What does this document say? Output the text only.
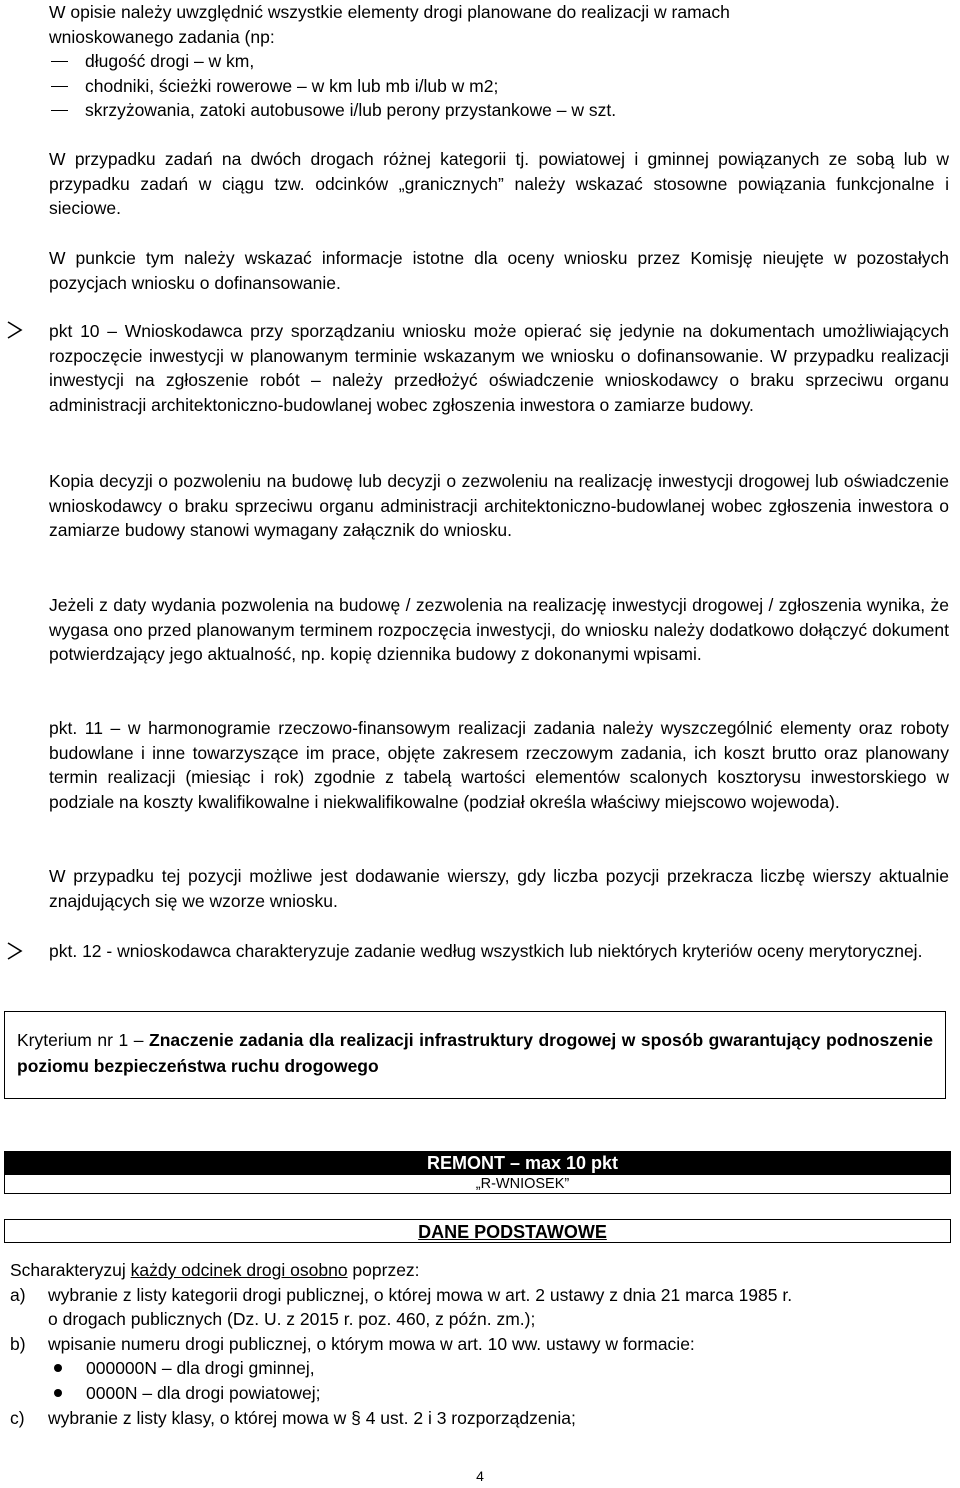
W opisie należy uwzględnić wszystkie elementy drogi planowane do realizacji w ramach

wnioskowanego zadania (np:

długość drogi – w km,

chodniki, ścieżki rowerowe – w km lub mb i/lub w m2;

skrzyżowania, zatoki autobusowe i/lub perony przystankowe – w szt.

W przypadku zadań na dwóch drogach różnej kategorii tj. powiatowej i gminnej powiązanych ze sobą lub w przypadku zadań w ciągu tzw. odcinków „granicznych” należy wskazać stosowne powiązania funkcjonalne i sieciowe.

W punkcie tym należy wskazać informacje istotne dla oceny wniosku przez Komisję nieujęte w pozostałych pozycjach wniosku o dofinansowanie.

pkt 10 – Wnioskodawca przy sporządzaniu wniosku może opierać się jedynie na dokumentach umożliwiających rozpoczęcie inwestycji w planowanym terminie wskazanym we wniosku o dofinansowanie. W przypadku realizacji inwestycji na zgłoszenie robót – należy przedłożyć oświadczenie wnioskodawcy o braku sprzeciwu organu administracji architektoniczno-budowlanej wobec zgłoszenia inwestora o zamiarze budowy.

Kopia decyzji o pozwoleniu na budowę lub decyzji o zezwoleniu na realizację inwestycji drogowej lub oświadczenie wnioskodawcy o braku sprzeciwu organu administracji architektoniczno-budowlanej wobec zgłoszenia inwestora o zamiarze budowy stanowi wymagany załącznik do wniosku.

Jeżeli z daty wydania pozwolenia na budowę / zezwolenia na realizację inwestycji drogowej / zgłoszenia wynika, że wygasa ono przed planowanym terminem rozpoczęcia inwestycji, do wniosku należy dodatkowo dołączyć dokument potwierdzający jego aktualność, np. kopię dziennika budowy z dokonanymi wpisami.

pkt. 11 – w harmonogramie rzeczowo-finansowym realizacji zadania należy wyszczególnić elementy oraz roboty budowlane i inne towarzyszące im prace, objęte zakresem rzeczowym zadania, ich koszt brutto oraz planowany termin realizacji (miesiąc i rok) zgodnie z tabelą wartości elementów scalonych kosztorysu inwestorskiego w podziale na koszty kwalifikowalne i niekwalifikowalne (podział określa właściwy miejscowo wojewoda).

W przypadku tej pozycji możliwe jest dodawanie wierszy, gdy liczba pozycji przekracza liczbę wierszy aktualnie znajdujących się we wzorze wniosku.

pkt. 12 - wnioskodawca charakteryzuje zadanie według wszystkich lub niektórych kryteriów oceny merytorycznej.

Kryterium nr 1 – Znaczenie zadania dla realizacji infrastruktury drogowej w sposób gwarantujący podnoszenie poziomu bezpieczeństwa ruchu drogowego
REMONT – max 10 pkt
„R-WNIOSEK”
DANE PODSTAWOWE
Scharakteryzuj każdy odcinek drogi osobno poprzez:
a) wybranie z listy kategorii drogi publicznej, o której mowa w art. 2 ustawy z dnia 21 marca 1985 r.
o drogach publicznych (Dz. U. z 2015 r. poz. 460, z późn. zm.);
b) wpisanie numeru drogi publicznej, o którym mowa w art. 10 ww. ustawy w formacie:
000000N – dla drogi gminnej,
0000N – dla drogi powiatowej;
c) wybranie z listy klasy, o której mowa w § 4 ust. 2 i 3 rozporządzenia;
4
